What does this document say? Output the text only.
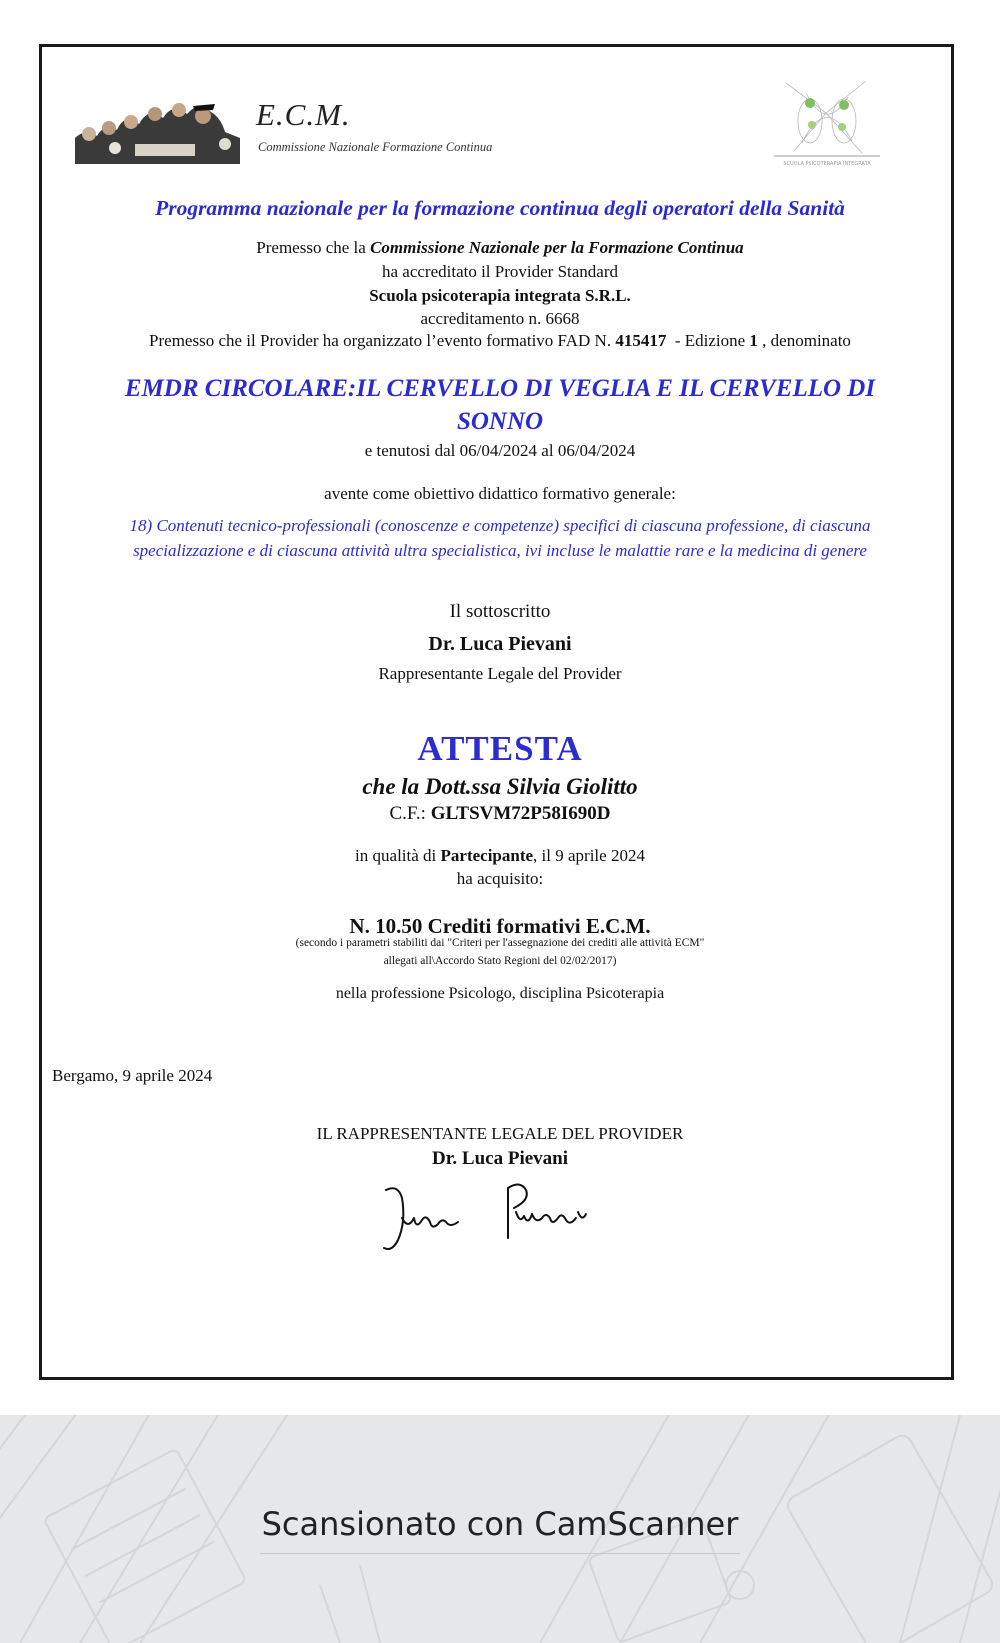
E.C.M.
Commissione Nazionale Formazione Continua
SCUOLA PSICOTERAPIA INTEGRATA
Programma nazionale per la formazione continua degli operatori della Sanità
Premesso che la Commissione Nazionale per la Formazione Continua
ha accreditato il Provider Standard
Scuola psicoterapia integrata S.R.L.
accreditamento n. 6668
Premesso che il Provider ha organizzato l’evento formativo FAD N. 415417  - Edizione 1 , denominato
EMDR CIRCOLARE:IL CERVELLO DI VEGLIA E IL CERVELLO DI
SONNO
e tenutosi dal 06/04/2024 al 06/04/2024
avente come obiettivo didattico formativo generale:
18) Contenuti tecnico-professionali (conoscenze e competenze) specifici di ciascuna professione, di ciascuna
specializzazione e di ciascuna attività ultra specialistica, ivi incluse le malattie rare e la medicina di genere
Il sottoscritto
Dr. Luca Pievani
Rappresentante Legale del Provider
ATTESTA
che la Dott.ssa Silvia Giolitto
C.F.: GLTSVM72P58I690D
in qualità di Partecipante, il 9 aprile 2024
ha acquisito:
N. 10.50 Crediti formativi E.C.M.
(secondo i parametri stabiliti dai "Criteri per l'assegnazione dei crediti alle attività ECM"
allegati all\Accordo Stato Regioni del 02/02/2017)
nella professione Psicologo, disciplina Psicoterapia
Bergamo, 9 aprile 2024
IL RAPPRESENTANTE LEGALE DEL PROVIDER
Dr. Luca Pievani
Scansionato con CamScanner
